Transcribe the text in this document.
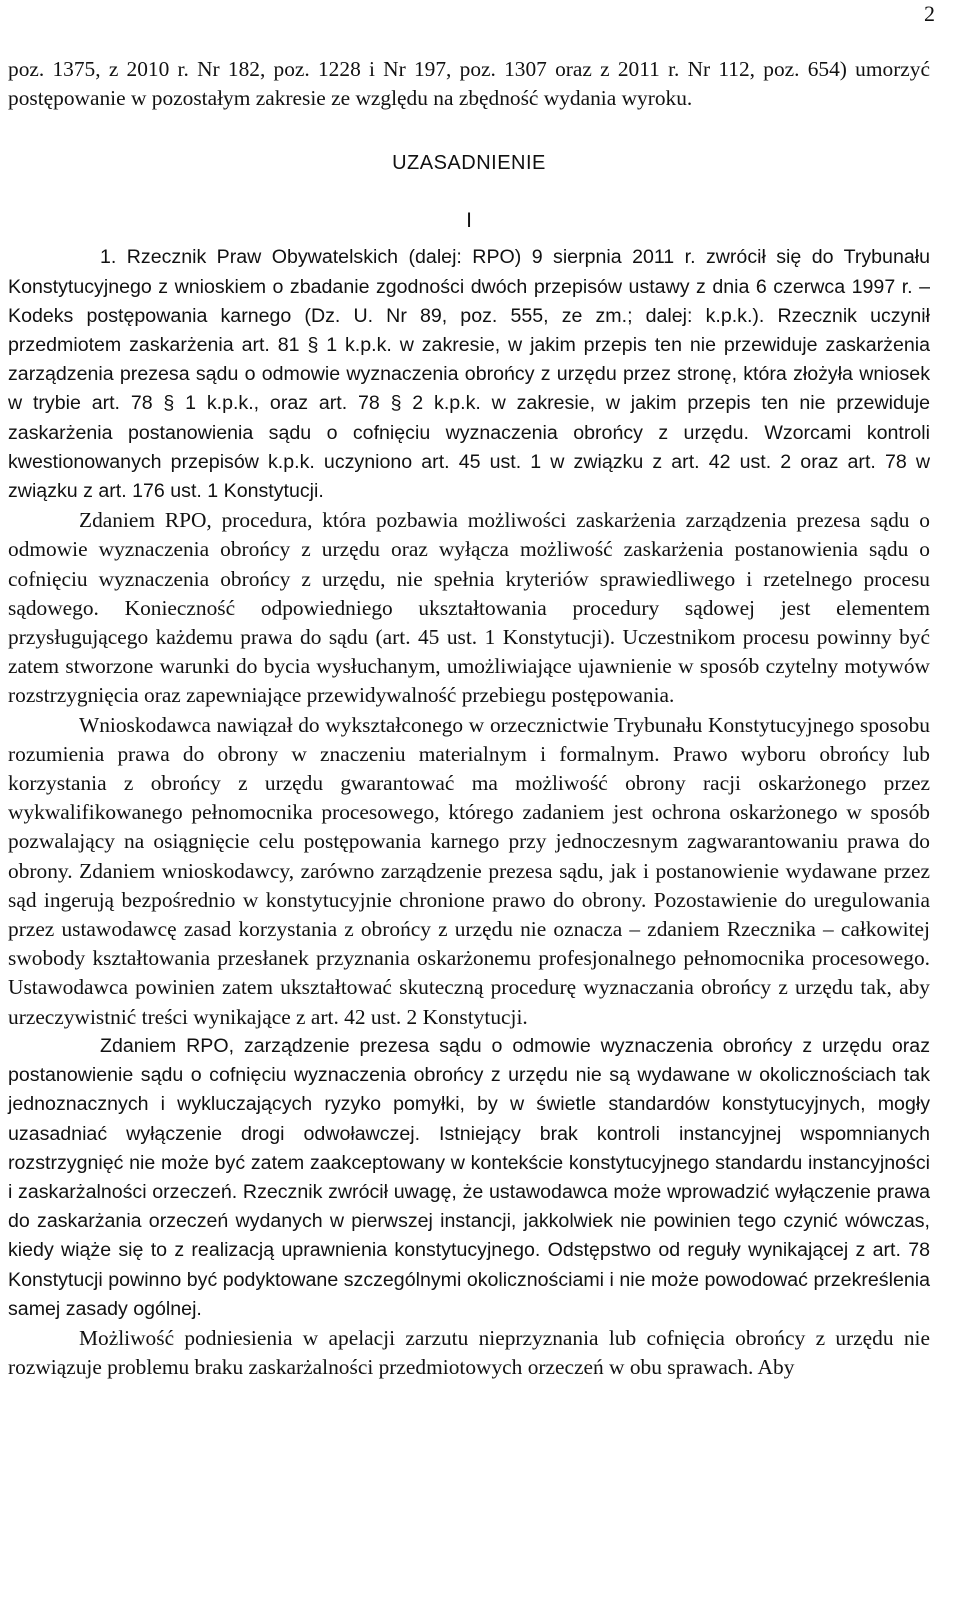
2

poz. 1375, z 2010 r. Nr 182, poz. 1228 i Nr 197, poz. 1307 oraz z 2011 r. Nr 112, poz. 654) umorzyć postępowanie w pozostałym zakresie ze względu na zbędność wydania wyroku.

UZASADNIENIE

I

1. Rzecznik Praw Obywatelskich (dalej: RPO) 9 sierpnia 2011 r. zwrócił się do Trybunału Konstytucyjnego z wnioskiem o zbadanie zgodności dwóch przepisów ustawy z dnia 6 czerwca 1997 r. – Kodeks postępowania karnego (Dz. U. Nr 89, poz. 555, ze zm.; dalej: k.p.k.). Rzecznik uczynił przedmiotem zaskarżenia art. 81 § 1 k.p.k. w zakresie, w jakim przepis ten nie przewiduje zaskarżenia zarządzenia prezesa sądu o odmowie wyznaczenia obrońcy z urzędu przez stronę, która złożyła wniosek w trybie art. 78 § 1 k.p.k., oraz art. 78 § 2 k.p.k. w zakresie, w jakim przepis ten nie przewiduje zaskarżenia postanowienia sądu o cofnięciu wyznaczenia obrońcy z urzędu. Wzorcami kontroli kwestionowanych przepisów k.p.k. uczyniono art. 45 ust. 1 w związku z art. 42 ust. 2 oraz art. 78 w związku z art. 176 ust. 1 Konstytucji.

Zdaniem RPO, procedura, która pozbawia możliwości zaskarżenia zarządzenia prezesa sądu o odmowie wyznaczenia obrońcy z urzędu oraz wyłącza możliwość zaskarżenia postanowienia sądu o cofnięciu wyznaczenia obrońcy z urzędu, nie spełnia kryteriów sprawiedliwego i rzetelnego procesu sądowego. Konieczność odpowiedniego ukształtowania procedury sądowej jest elementem przysługującego każdemu prawa do sądu (art. 45 ust. 1 Konstytucji). Uczestnikom procesu powinny być zatem stworzone warunki do bycia wysłuchanym, umożliwiające ujawnienie w sposób czytelny motywów rozstrzygnięcia oraz zapewniające przewidywalność przebiegu postępowania.

Wnioskodawca nawiązał do wykształconego w orzecznictwie Trybunału Konstytucyjnego sposobu rozumienia prawa do obrony w znaczeniu materialnym i formalnym. Prawo wyboru obrońcy lub korzystania z obrońcy z urzędu gwarantować ma możliwość obrony racji oskarżonego przez wykwalifikowanego pełnomocnika procesowego, którego zadaniem jest ochrona oskarżonego w sposób pozwalający na osiągnięcie celu postępowania karnego przy jednoczesnym zagwarantowaniu prawa do obrony. Zdaniem wnioskodawcy, zarówno zarządzenie prezesa sądu, jak i postanowienie wydawane przez sąd ingerują bezpośrednio w konstytucyjnie chronione prawo do obrony. Pozostawienie do uregulowania przez ustawodawcę zasad korzystania z obrońcy z urzędu nie oznacza – zdaniem Rzecznika – całkowitej swobody kształtowania przesłanek przyznania oskarżonemu profesjonalnego pełnomocnika procesowego. Ustawodawca powinien zatem ukształtować skuteczną procedurę wyznaczania obrońcy z urzędu tak, aby urzeczywistnić treści wynikające z art. 42 ust. 2 Konstytucji.

Zdaniem RPO, zarządzenie prezesa sądu o odmowie wyznaczenia obrońcy z urzędu oraz postanowienie sądu o cofnięciu wyznaczenia obrońcy z urzędu nie są wydawane w okolicznościach tak jednoznacznych i wykluczających ryzyko pomyłki, by w świetle standardów konstytucyjnych, mogły uzasadniać wyłączenie drogi odwoławczej. Istniejący brak kontroli instancyjnej wspomnianych rozstrzygnięć nie może być zatem zaakceptowany w kontekście konstytucyjnego standardu instancyjności i zaskarżalności orzeczeń. Rzecznik zwrócił uwagę, że ustawodawca może wprowadzić wyłączenie prawa do zaskarżania orzeczeń wydanych w pierwszej instancji, jakkolwiek nie powinien tego czynić wówczas, kiedy wiąże się to z realizacją uprawnienia konstytucyjnego. Odstępstwo od reguły wynikającej z art. 78 Konstytucji powinno być podyktowane szczególnymi okolicznościami i nie może powodować przekreślenia samej zasady ogólnej.

Możliwość podniesienia w apelacji zarzutu nieprzyznania lub cofnięcia obrońcy z urzędu nie rozwiązuje problemu braku zaskarżalności przedmiotowych orzeczeń w obu sprawach. Aby
